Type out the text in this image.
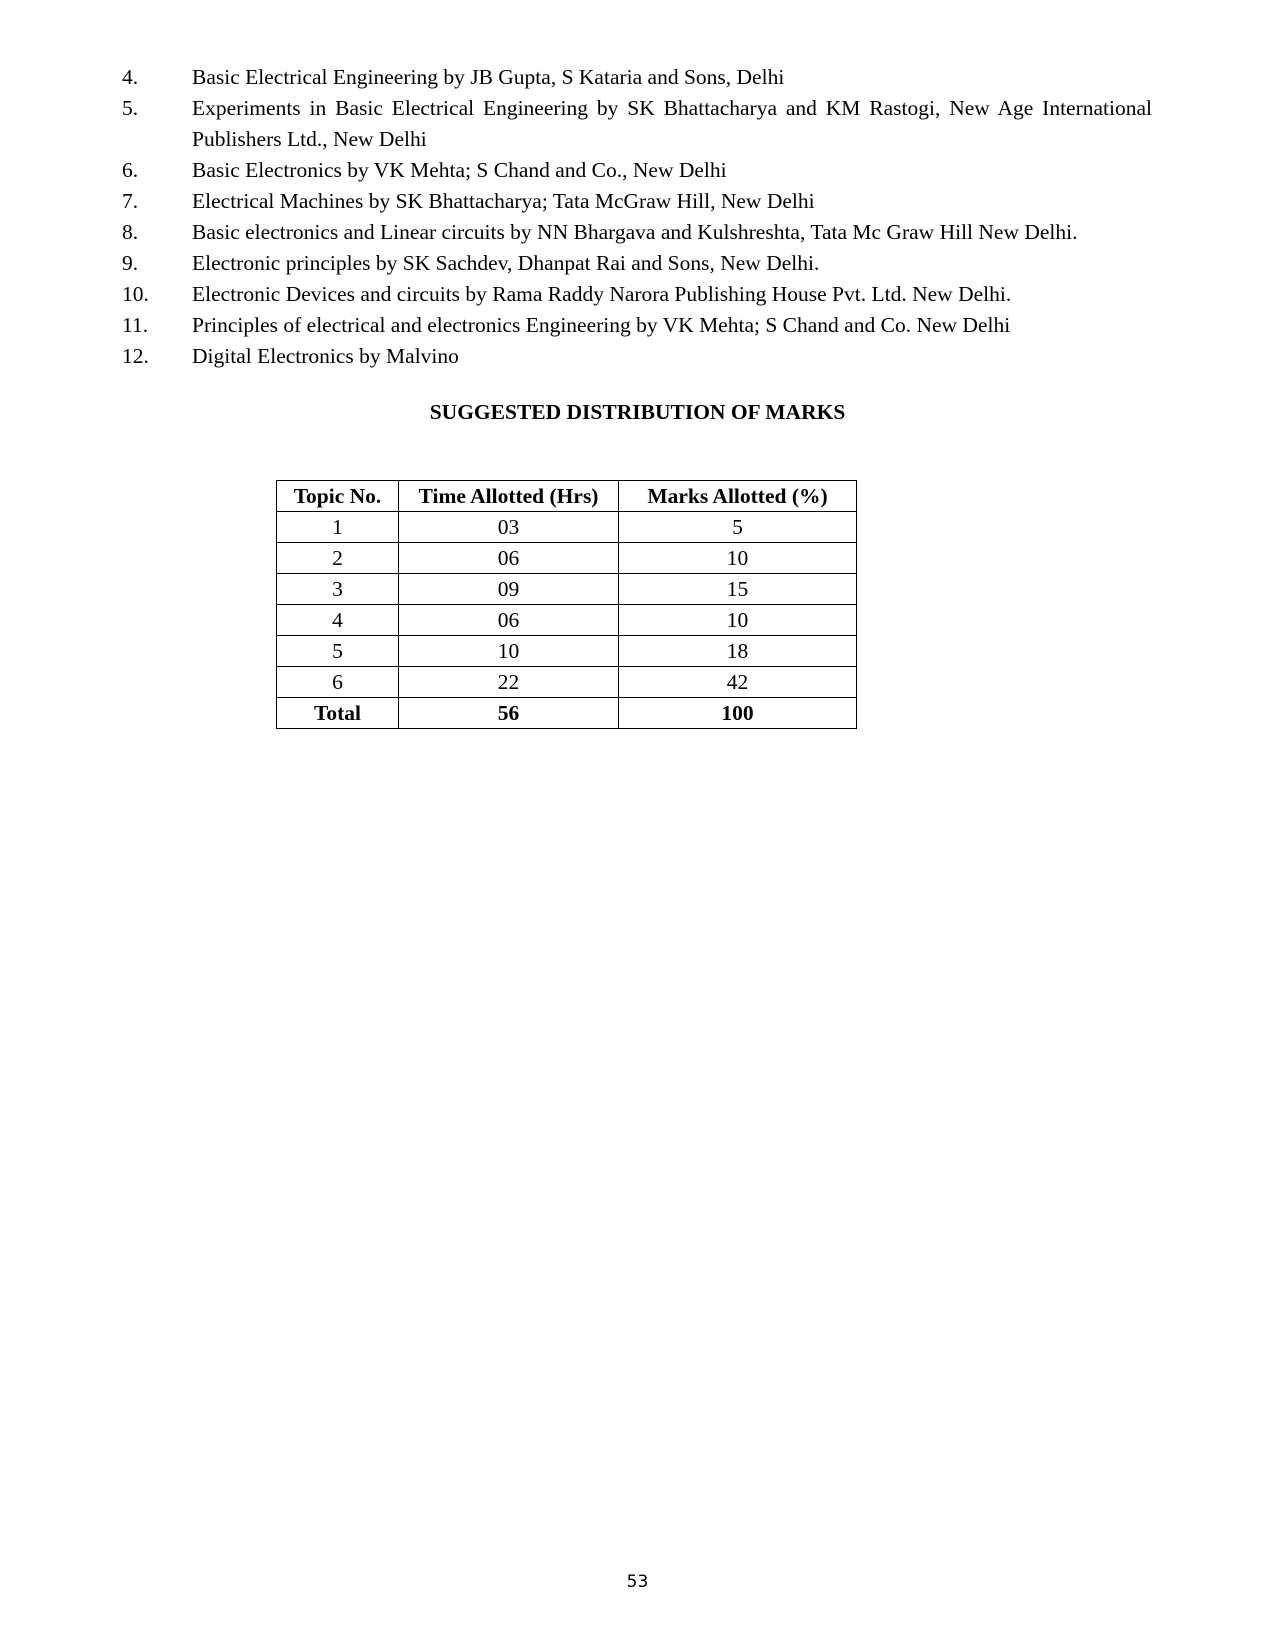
4.	Basic Electrical Engineering by JB Gupta, S Kataria and Sons, Delhi
5.	Experiments in Basic Electrical Engineering by SK Bhattacharya and KM Rastogi, New Age International Publishers Ltd., New Delhi
6.	Basic Electronics by VK Mehta; S Chand and Co., New Delhi
7.	Electrical Machines by SK Bhattacharya; Tata McGraw Hill, New Delhi
8.	Basic electronics and Linear circuits by NN Bhargava and Kulshreshta, Tata Mc Graw Hill New Delhi.
9.	Electronic principles by SK Sachdev, Dhanpat Rai and Sons, New Delhi.
10.	Electronic Devices and circuits by Rama Raddy Narora Publishing House Pvt. Ltd. New Delhi.
11.	Principles of electrical and electronics Engineering by VK Mehta; S Chand and Co. New Delhi
12.	Digital Electronics by Malvino
SUGGESTED DISTRIBUTION OF MARKS
Topic No.	Time Allotted (Hrs)	Marks Allotted (%)
1	03	5
2	06	10
3	09	15
4	06	10
5	10	18
6	22	42
Total	56	100
53
